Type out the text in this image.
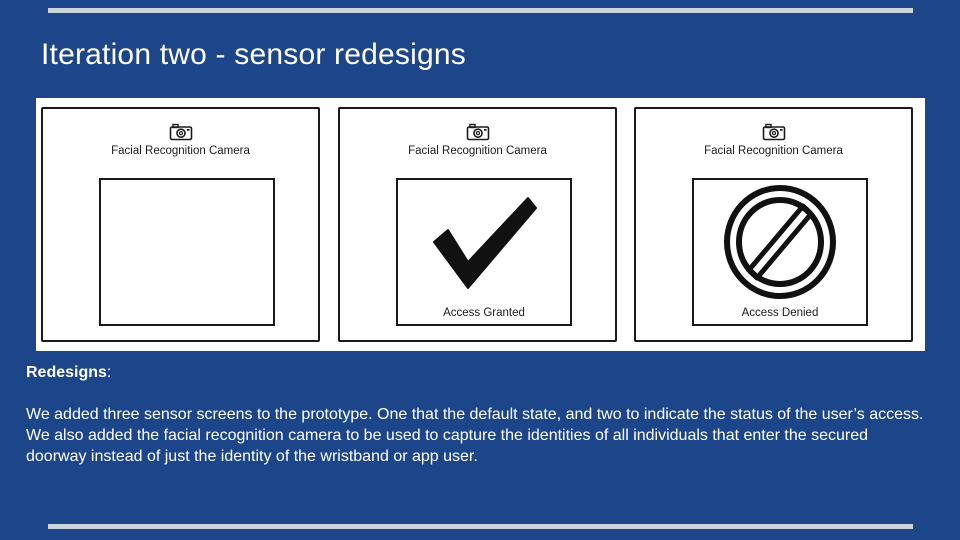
Iteration two - sensor redesigns
Facial Recognition Camera	Facial Recognition Camera
Access Granted
Facial Recognition Camera
Access Denied

Redesigns:

We added three sensor screens to the prototype. One that the default state, and two to indicate the status of the user’s access. We also added the facial recognition camera to be used to capture the identities of all individuals that enter the secured doorway instead of just the identity of the wristband or app user.
